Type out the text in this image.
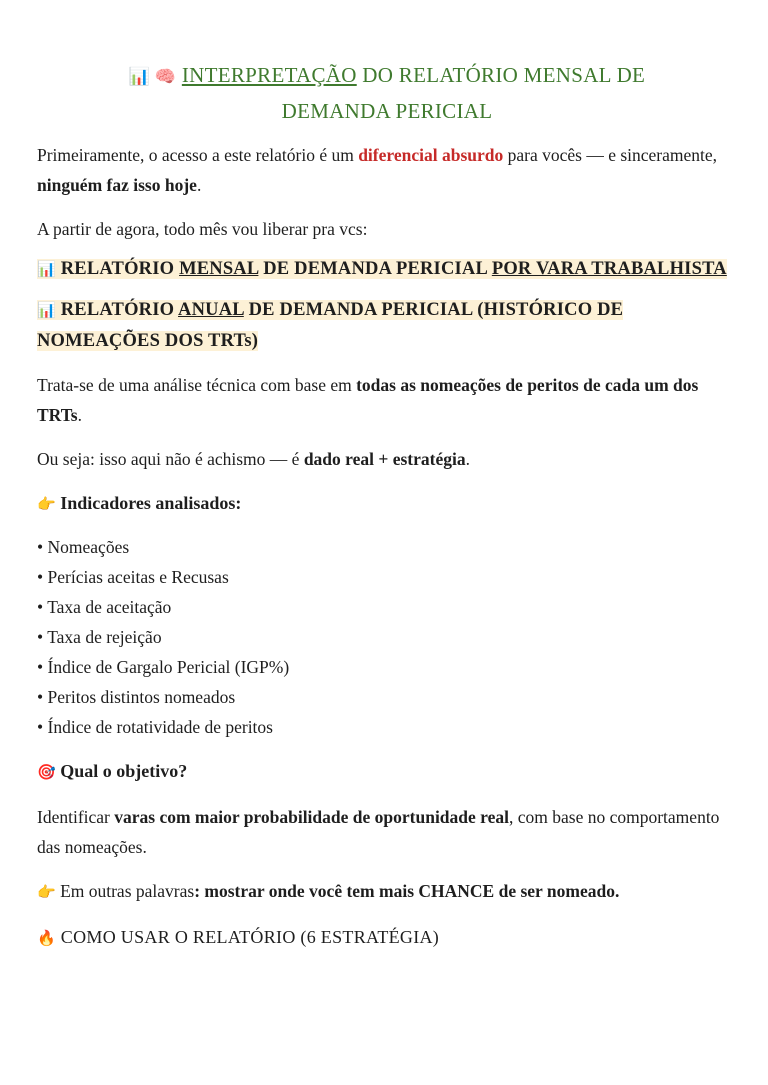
📊 🧠 INTERPRETAÇÃO DO RELATÓRIO MENSAL DE
DEMANDA PERICIAL

Primeiramente, o acesso a este relatório é um diferencial absurdo para vocês — e sinceramente, ninguém faz isso hoje.

A partir de agora, todo mês vou liberar pra vcs:

📊 RELATÓRIO MENSAL DE DEMANDA PERICIAL POR VARA TRABALHISTA
📊 RELATÓRIO ANUAL DE DEMANDA PERICIAL (HISTÓRICO DE NOMEAÇÕES DOS TRTs)

Trata-se de uma análise técnica com base em todas as nomeações de peritos de cada um dos TRTs.

Ou seja: isso aqui não é achismo — é dado real + estratégia.

👉 Indicadores analisados:
• Nomeações
• Perícias aceitas e Recusas
• Taxa de aceitação
• Taxa de rejeição
• Índice de Gargalo Pericial (IGP%)
• Peritos distintos nomeados
• Índice de rotatividade de peritos
🎯 Qual o objetivo?

Identificar varas com maior probabilidade de oportunidade real, com base no comportamento das nomeações.

👉 Em outras palavras: mostrar onde você tem mais CHANCE de ser nomeado.

🔥 COMO USAR O RELATÓRIO (6 ESTRATÉGIA)
